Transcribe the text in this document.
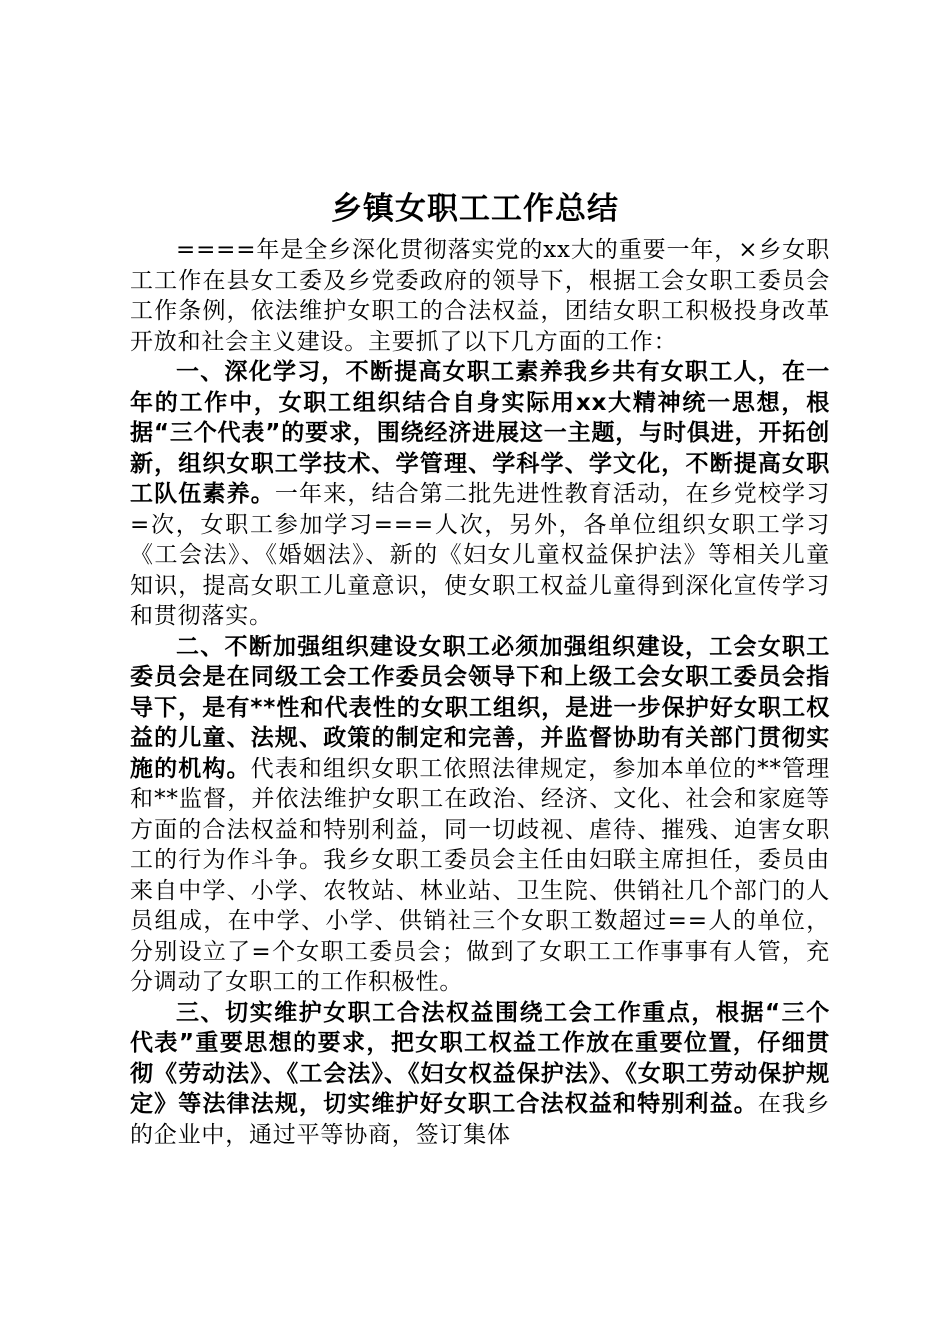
乡镇女职工工作总结

====年是全乡深化贯彻落实党的xx大的重要一年，×乡女职工工作在县女工委及乡党委政府的领导下，根据工会女职工委员会工作条例，依法维护女职工的合法权益，团结女职工积极投身改革开放和社会主义建设。主要抓了以下几方面的工作：

一、深化学习，不断提高女职工素养我乡共有女职工人，在一年的工作中，女职工组织结合自身实际用xx大精神统一思想，根据“三个代表”的要求，围绕经济进展这一主题，与时俱进，开拓创新，组织女职工学技术、学管理、学科学、学文化，不断提高女职工队伍素养。一年来，结合第二批先进性教育活动，在乡党校学习=次，女职工参加学习===人次，另外，各单位组织女职工学习《工会法》、《婚姻法》、新的《妇女儿童权益保护法》等相关儿童知识，提高女职工儿童意识，使女职工权益儿童得到深化宣传学习和贯彻落实。

二、不断加强组织建设女职工必须加强组织建设，工会女职工委员会是在同级工会工作委员会领导下和上级工会女职工委员会指导下，是有**性和代表性的女职工组织，是进一步保护好女职工权益的儿童、法规、政策的制定和完善，并监督协助有关部门贯彻实施的机构。代表和组织女职工依照法律规定，参加本单位的**管理和**监督，并依法维护女职工在政治、经济、文化、社会和家庭等方面的合法权益和特别利益，同一切歧视、虐待、摧残、迫害女职工的行为作斗争。我乡女职工委员会主任由妇联主席担任，委员由来自中学、小学、农牧站、林业站、卫生院、供销社几个部门的人员组成，在中学、小学、供销社三个女职工数超过==人的单位，分别设立了=个女职工委员会；做到了女职工工作事事有人管，充分调动了女职工的工作积极性。

三、切实维护女职工合法权益围绕工会工作重点，根据“三个代表”重要思想的要求，把女职工权益工作放在重要位置，仔细贯彻《劳动法》、《工会法》、《妇女权益保护法》、《女职工劳动保护规定》等法律法规，切实维护好女职工合法权益和特别利益。在我乡的企业中，通过平等协商，签订集体
